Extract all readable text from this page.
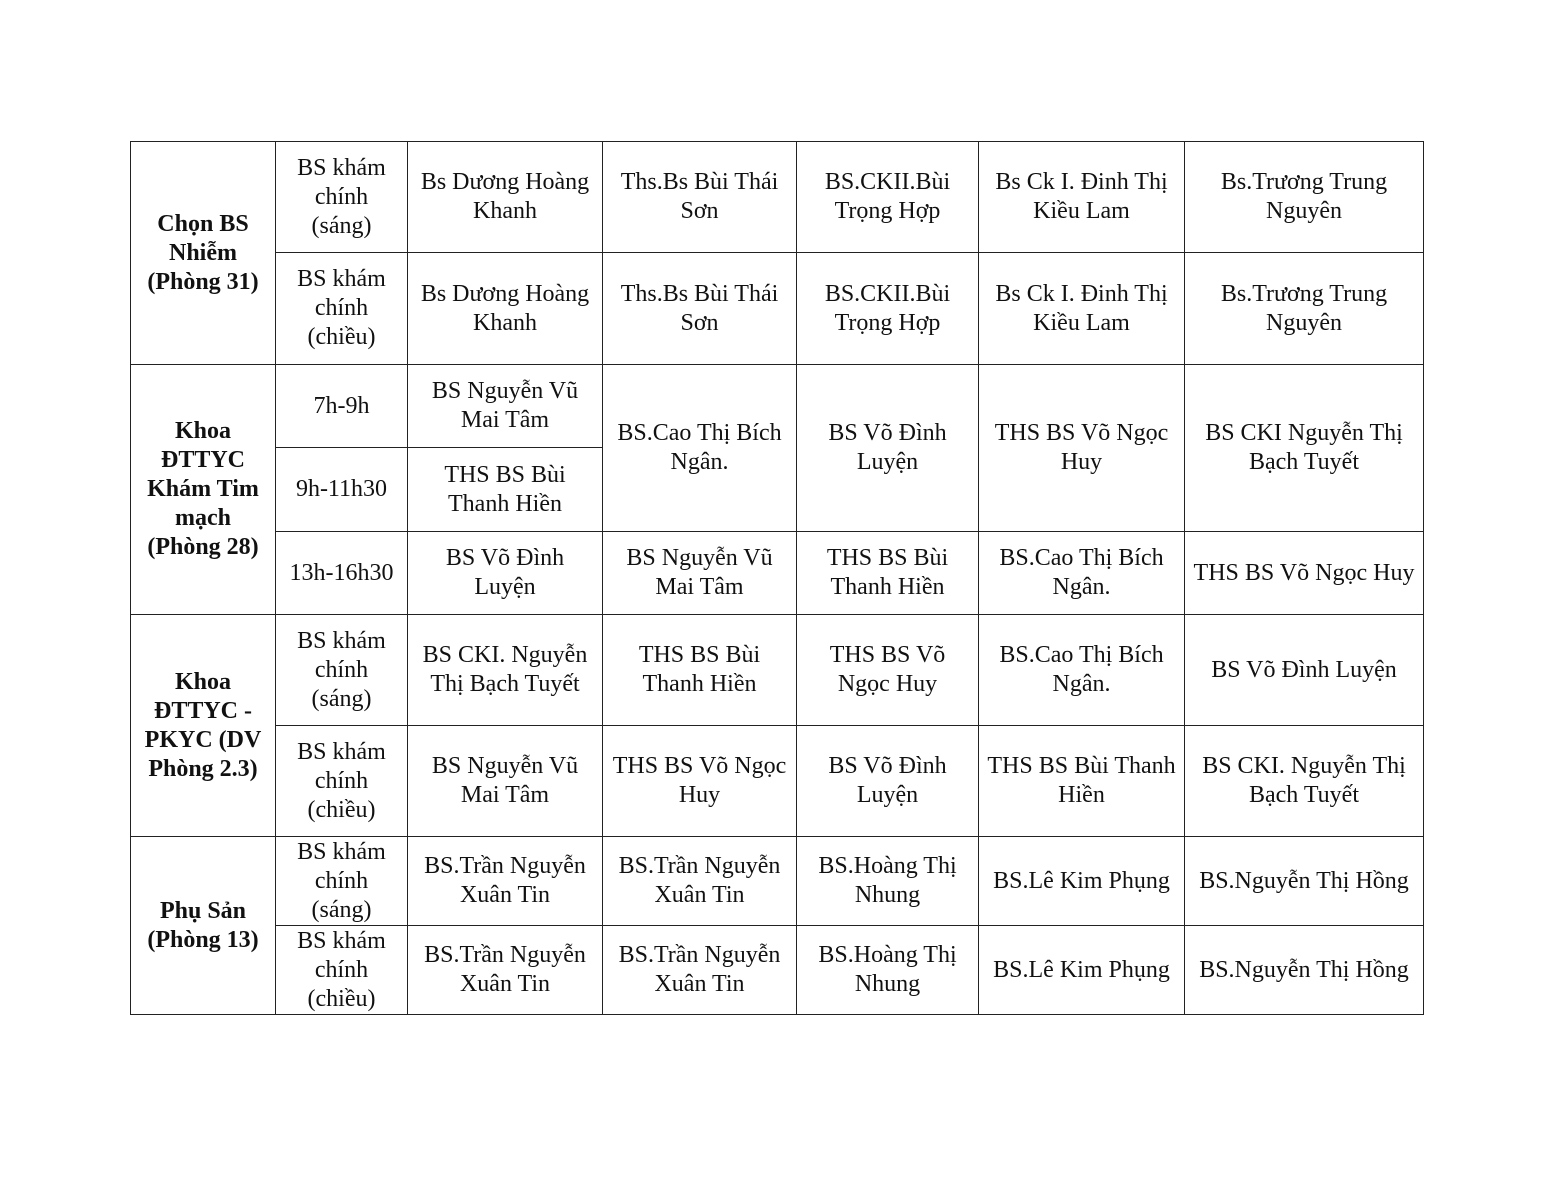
Chọn BS Nhiễm (Phòng 31)	BS khám chính (sáng)	Bs Dương Hoàng Khanh	Ths.Bs Bùi Thái Sơn	BS.CKII.Bùi Trọng Hợp	Bs Ck I. Đinh Thị Kiều Lam	Bs.Trương Trung Nguyên

	BS khám chính (chiều)	Bs Dương Hoàng Khanh	Ths.Bs Bùi Thái Sơn	BS.CKII.Bùi Trọng Hợp	Bs Ck I. Đinh Thị Kiều Lam	Bs.Trương Trung Nguyên

Khoa ĐTTYC Khám Tim mạch (Phòng 28)	7h-9h	BS Nguyễn Vũ Mai Tâm	BS.Cao Thị Bích Ngân.	BS Võ Đình Luyện	THS BS Võ Ngọc Huy	BS CKI Nguyễn Thị Bạch Tuyết

	9h-11h30	THS BS Bùi Thanh Hiền				

	13h-16h30	BS Võ Đình Luyện	BS Nguyễn Vũ Mai Tâm	THS BS Bùi Thanh Hiền	BS.Cao Thị Bích Ngân.	THS BS Võ Ngọc Huy

Khoa ĐTTYC - PKYC (DV Phòng 2.3)	BS khám chính (sáng)	BS CKI. Nguyễn Thị Bạch Tuyết	THS BS Bùi Thanh Hiền	THS BS Võ Ngọc Huy	BS.Cao Thị Bích Ngân.	BS Võ Đình Luyện

	BS khám chính (chiều)	BS Nguyễn Vũ Mai Tâm	THS BS Võ Ngọc Huy	BS Võ Đình Luyện	THS BS Bùi Thanh Hiền	BS CKI. Nguyễn Thị Bạch Tuyết

Phụ Sản (Phòng 13)	BS khám chính (sáng)	BS.Trần Nguyễn Xuân Tin	BS.Trần Nguyễn Xuân Tin	BS.Hoàng Thị Nhung	BS.Lê Kim Phụng	BS.Nguyễn Thị Hồng

	BS khám chính (chiều)	BS.Trần Nguyễn Xuân Tin	BS.Trần Nguyễn Xuân Tin	BS.Hoàng Thị Nhung	BS.Lê Kim Phụng	BS.Nguyễn Thị Hồng
